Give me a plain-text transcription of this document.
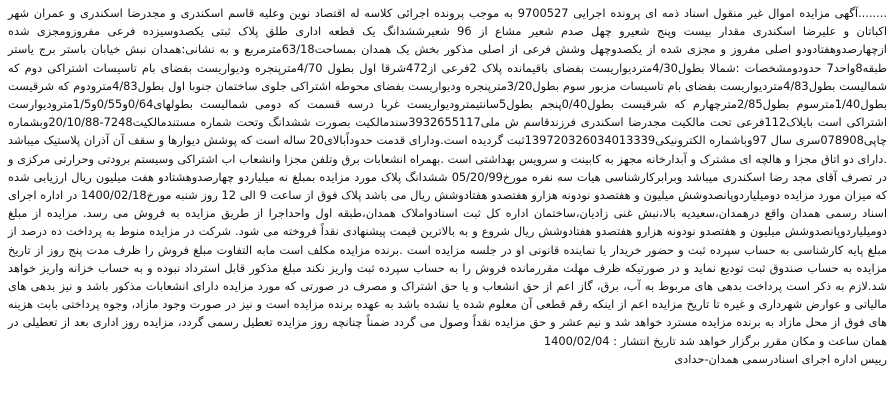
........آگهی مزایده اموال غیر منقول اسناد ذمه ای پرونده اجرایی 9700527 به موجب پرونده اجرائی کلاسه له اقتصاد نوین وعلیه قاسم اسکندری و مجدرضا اسکندری و عمران شهر اکباتان و علیرضا اسکندری مقدار بیست وپنج شعیرو چهل صدم شعیر مشاع از 96 شعیرششدانگ یک قطعه اداری طلق پلاک ثبتی یکصدوسیزده فرعی مفروزومجزی شده ازچهارصدوهفتادودو اصلی مفروز و مجزی شده از یکصدوچهل وشش فرعی از اصلی مذکور بخش یک همدان بمساحت63/18مترمربع و به نشانی:همدان نبش خیابان باستر برج یاستر طبقه8واحد7 حدودومشخصات :شمالا بطول4/30متردیواریست بفضای باقیمانده پلاک 2فرعی از472شرقا اول بطول 4/70مترپنجره ودیواریست بفضای بام تاسیسات اشتراکی دوم که شمالیست بطول4/83متردیواریست بفضای بام تاسیسات مزبور سوم بطول3/20مترپنجره ودیواریست بفضای محوطه اشتراکی جلوی ساختمان جنوبا اول بطول4/83مترودوم که شرقیست بطول1/40مترسوم بطول2/85مترچهارم که شرقیست بطول0/40پنجم بطول5سانتیمترودیواریست غربا درسه قسمت که دومی شمالیست بطولهای0/64و0/55و1/5مترودیوارست اشتراکی است بایلاک112فرعی تحت مالکیت مجدرضا اسکندری فرزندقاسم ش ملی3932655117سندمالکیت بصورت ششدانگ وتحت شماره مستندمالکیت7248-20/10/88وبشماره چاپی078908سری سال 97وباشماره الکترونیکی139720326034013339ثبت گردیده است.ودارای قدمت حدوداًبالای20 ساله است که پوشش دیوارها و سقف آن آذران پلاستیک میباشد .دارای دو اتاق مجزا و هالچه ای مشترک و آبدارخانه مجهز به کابینت و سرویس بهداشتی است .بهمراه انشعابات برق وتلفن مجزا وانشعاب اب اشتراکی وسیستم برودتی وحرارتی مرکزی و در تصرف آقای مجد رضا اسکندری میباشد وبرابرکارشناسی هیات سه نفره مورخ05/20/99 ششدانگ پلاک مورد مزایده بمبلغ نه میلیاردو چهارصدوهشتادو هفت میلیون ریال ارزیابی شده که میزان مورد مزایده دومیلیاردوپانصدوشش میلیون و هفتصدو نودونه هزارو هفتصدو هفتادوشش ریال می باشد پلاک فوق از ساعت 9 الی 12 روز شنبه مورخ1400/02/18 در اداره اجرای اسناد رسمی همدان واقع درهمدان،سعیدیه بالا،نبش غنی زادیان،ساختمان اداره کل ثبت اسنادواملاک همدان،طبقه اول واحداجرا از طریق مزایده به فروش می رسد. مزایده از مبلغ دومیلیاردوپانصدوشش میلیون و هفتصدو نودونه هزارو هفتصدو هفتادوشش ریال شروع و به بالاترین قیمت پیشنهادی نقداً فروخته می شود. شرکت در مزایده منوط به پرداخت ده درصد از مبلغ پایه کارشناسی به حساب سپرده ثبت و حضور خریدار یا نماینده قانونی او در جلسه مزایده است .برنده مزایده مکلف است مابه التفاوت مبلغ فروش را ظرف مدت پنج روز از تاریخ مزایده به حساب صندوق ثبت تودیع نماید و در صورتیکه ظرف مهلت مقررمانده فروش را به حساب سپرده ثبت واریز نکند مبلغ مذکور قابل استرداد نبوده و به حساب خزانه واریز خواهد شد.لازم به ذکر است پرداخت بدهی های مربوط به آب، برق، گاز اعم از حق انشعاب و یا حق اشتراک و مصرف در صورتی که مورد مزایده دارای انشعابات مذکور باشد و نیز بدهی های مالیاتی و عوارض شهرداری و غیره تا تاریخ مزایده اعم از اینکه رقم قطعی آن معلوم شده یا نشده باشد به عهده برنده مزایده است و نیز در صورت وجود مازاد، وجوه پرداختی بابت هزینه های فوق از محل مازاد به برنده مزایده مسترد خواهد شد و نیم عشر و حق مزایده نقداً وصول می گردد ضمناً چنانچه روز مزایده تعطیل رسمی گردد، مزایده روز اداری بعد از تعطیلی در همان ساعت و مکان مقرر برگزار خواهد شد تاریخ انتشار : 1400/02/04

رییس اداره اجرای اسنادرسمی همدان-حدادی
